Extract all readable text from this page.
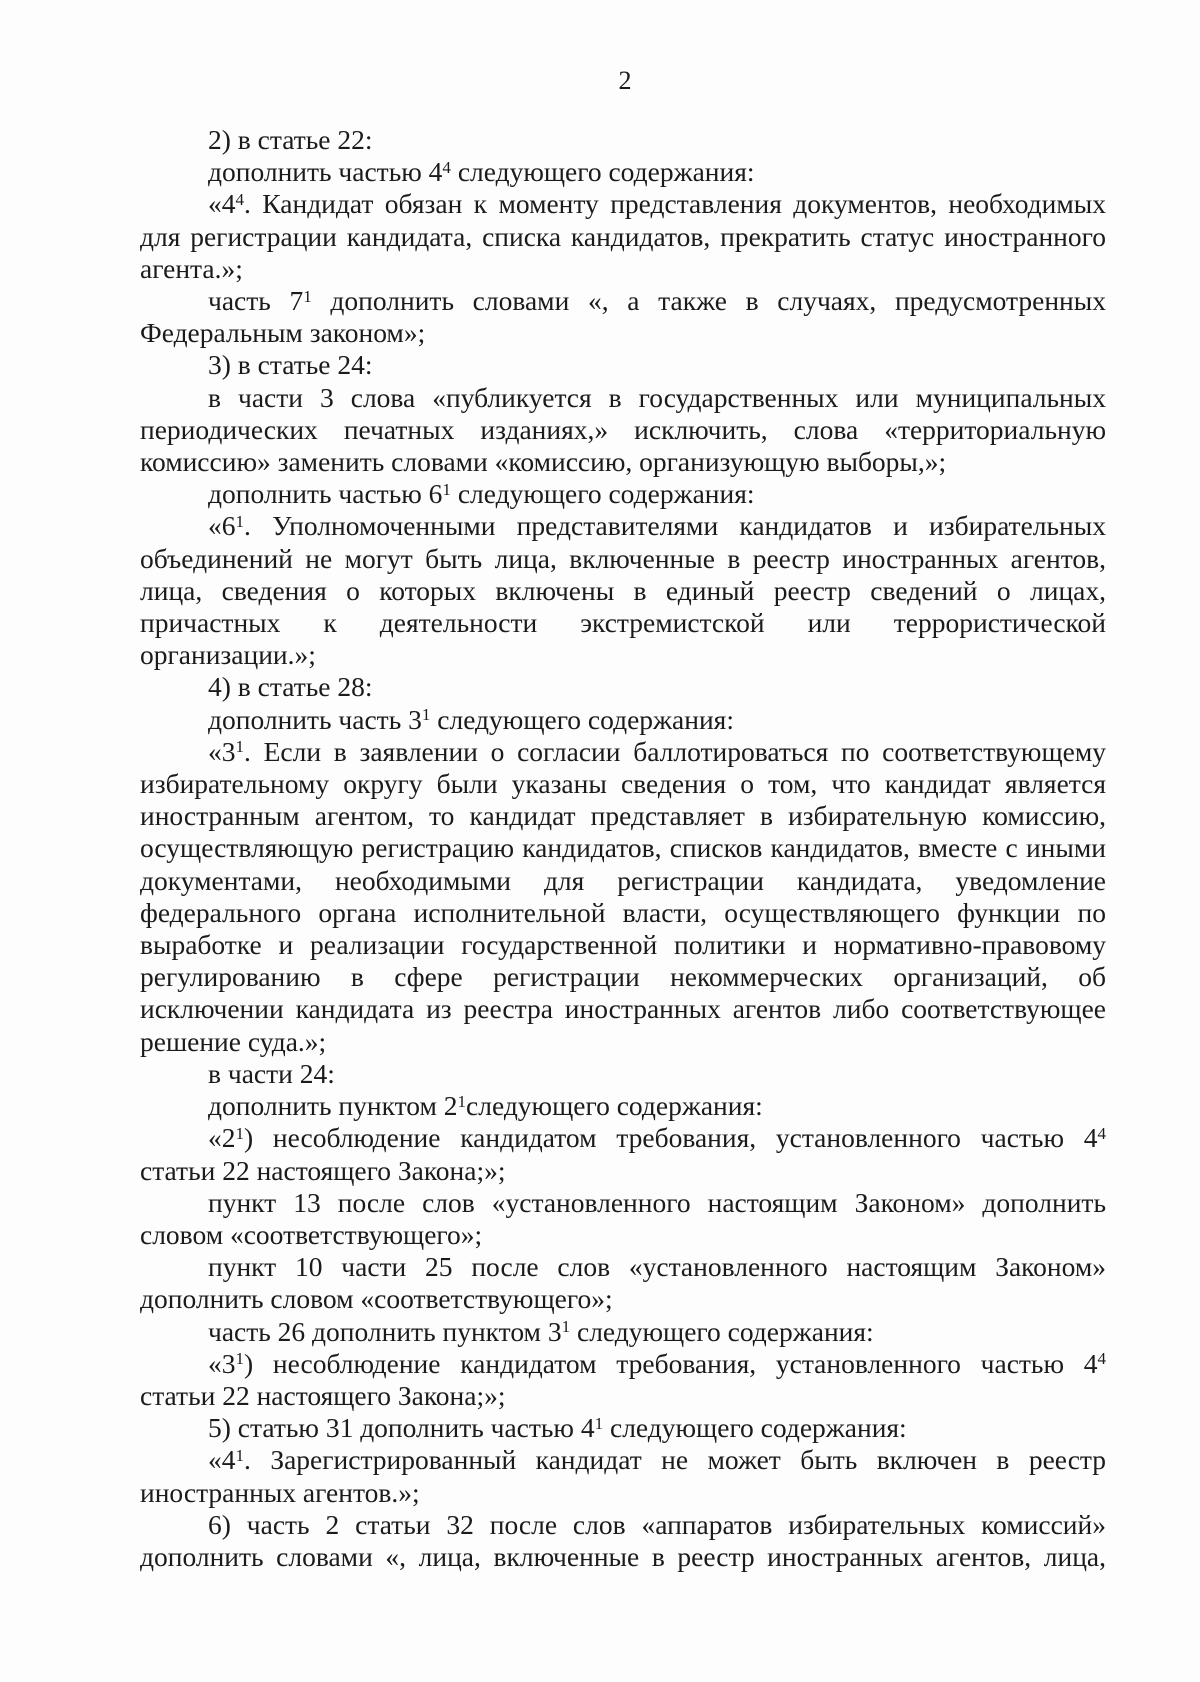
2

2) в статье 22:

дополнить частью $4^4$ следующего содержания:

«$4^4$. Кандидат обязан к моменту представления документов, необходимых для регистрации кандидата, списка кандидатов, прекратить статус иностранного агента.»;

часть $7^1$ дополнить словами «, а также в случаях, предусмотренных Федеральным законом»;

3) в статье 24:

в части 3 слова «публикуется в государственных или муниципальных периодических печатных изданиях,» исключить, слова «территориальную комиссию» заменить словами «комиссию, организующую выборы,»;

дополнить частью $6^1$ следующего содержания:

«$6^1$. Уполномоченными представителями кандидатов и избирательных объединений не могут быть лица, включенные в реестр иностранных агентов, лица, сведения о которых включены в единый реестр сведений о лицах, причастных к деятельности экстремистской или террористической организации.»;

4) в статье 28:

дополнить часть $3^1$ следующего содержания:

«$3^1$. Если в заявлении о согласии баллотироваться по соответствующему избирательному округу были указаны сведения о том, что кандидат является иностранным агентом, то кандидат представляет в избирательную комиссию, осуществляющую регистрацию кандидатов, списков кандидатов, вместе с иными документами, необходимыми для регистрации кандидата, уведомление федерального органа исполнительной власти, осуществляющего функции по выработке и реализации государственной политики и нормативно-правовому регулированию в сфере регистрации некоммерческих организаций, об исключении кандидата из реестра иностранных агентов либо соответствующее решение суда.»;

в части 24:

дополнить пунктом $2^1следующего$ содержания:

«$2^1$) несоблюдение кандидатом требования, установленного частью $4^4$ статьи 22 настоящего Закона;»;

пункт 13 после слов «установленного настоящим Законом» дополнить словом «соответствующего»;

пункт 10 части 25 после слов «установленного настоящим Законом» дополнить словом «соответствующего»;

часть 26 дополнить пунктом $3^1$ следующего содержания:

«$3^1$) несоблюдение кандидатом требования, установленного частью $4^4$ статьи 22 настоящего Закона;»;

5) статью 31 дополнить частью $4^1$ следующего содержания:

«$4^1$. Зарегистрированный кандидат не может быть включен в реестр иностранных агентов.»;

6) часть 2 статьи 32 после слов «аппаратов избирательных комиссий» дополнить словами «, лица, включенные в реестр иностранных агентов, лица,
